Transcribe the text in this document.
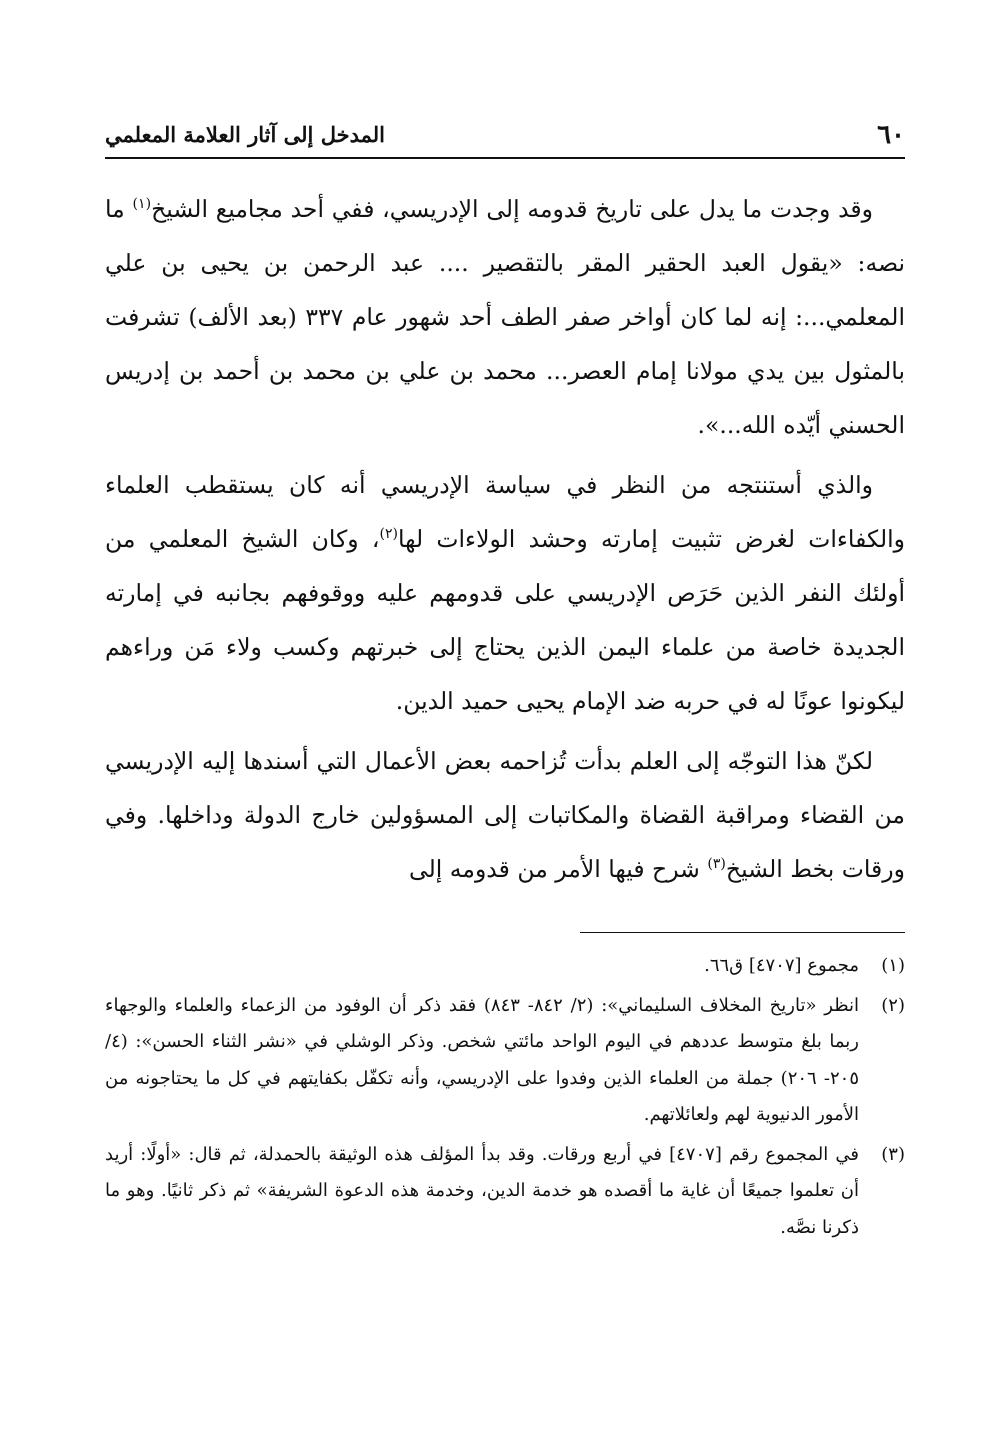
٦٠
المدخل إلى آثار العلامة المعلمي

وقد وجدت ما يدل على تاريخ قدومه إلى الإدريسي، ففي أحد مجاميع الشيخ$^{(١)}$ ما نصه: «يقول العبد الحقير المقر بالتقصير .... عبد الرحمن بن يحيى بن علي المعلمي...: إنه لما كان أواخر صفر الطف أحد شهور عام ٣٣٧ (بعد الألف) تشرفت بالمثول بين يدي مولانا إمام العصر... محمد بن علي بن محمد بن أحمد بن إدريس الحسني أيّده الله...».

والذي أستنتجه من النظر في سياسة الإدريسي أنه كان يستقطب العلماء والكفاءات لغرض تثبيت إمارته وحشد الولاءات لها$^{(٢)}$، وكان الشيخ المعلمي من أولئك النفر الذين حَرَص الإدريسي على قدومهم عليه ووقوفهم بجانبه في إمارته الجديدة خاصة من علماء اليمن الذين يحتاج إلى خبرتهم وكسب ولاء مَن وراءهم ليكونوا عونًا له في حربه ضد الإمام يحيى حميد الدين.

لكنّ هذا التوجّه إلى العلم بدأت تُزاحمه بعض الأعمال التي أسندها إليه الإدريسي من القضاء ومراقبة القضاة والمكاتبات إلى المسؤولين خارج الدولة وداخلها. وفي ورقات بخط الشيخ$^{(٣)}$ شرح فيها الأمر من قدومه إلى

(١)
مجموع [٤٧٠٧] ق٦٦.
(٢)
انظر «تاريخ المخلاف السليماني»: (٢/ ٨٤٢- ٨٤٣) فقد ذكر أن الوفود من الزعماء والعلماء والوجهاء ربما بلغ متوسط عددهم في اليوم الواحد مائتي شخص. وذكر الوشلي في «نشر الثناء الحسن»: (٤/ ٢٠٥- ٢٠٦) جملة من العلماء الذين وفدوا على الإدريسي، وأنه تكفّل بكفايتهم في كل ما يحتاجونه من الأمور الدنيوية لهم ولعائلاتهم.
(٣)
في المجموع رقم [٤٧٠٧] في أربع ورقات. وقد بدأ المؤلف هذه الوثيقة بالحمدلة، ثم قال: «أولًا: أريد أن تعلموا جميعًا أن غاية ما أقصده هو خدمة الدين، وخدمة هذه الدعوة الشريفة» ثم ذكر ثانيًا. وهو ما ذكرنا نصَّه.
